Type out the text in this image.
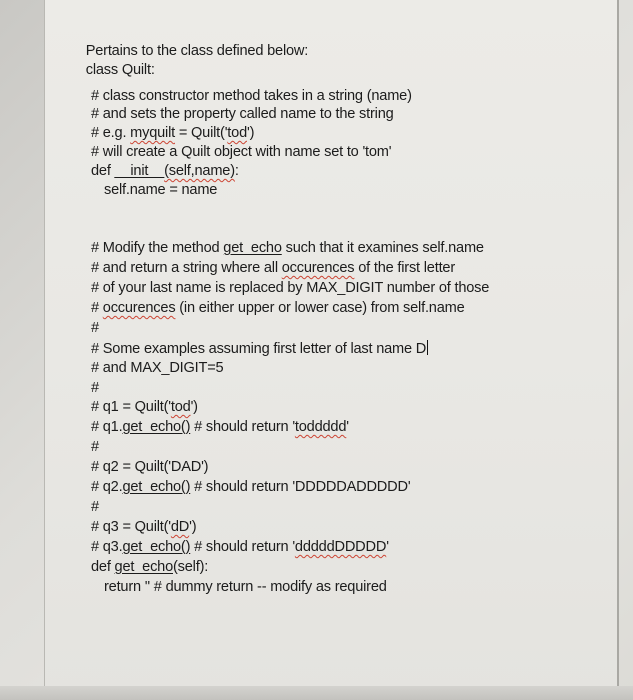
Pertains to the class defined below:

class Quilt:

# class constructor method takes in a string (name)
# and sets the property called name to the string
# e.g. myquilt = Quilt('tod')
# will create a Quilt object with name set to 'tom'
def __init__(self,name):
self.name = name
# Modify the method get_echo such that it examines self.name
# and return a string where all occurences of the first letter
# of your last name is replaced by MAX_DIGIT number of those
# occurences (in either upper or lower case) from self.name
#
# Some examples assuming first letter of last name D
# and MAX_DIGIT=5
#
# q1 = Quilt('tod')
# q1.get_echo() # should return 'toddddd'
#
# q2 = Quilt('DAD')
# q2.get_echo() # should return 'DDDDDADDDDD'
#
# q3 = Quilt('dD')
# q3.get_echo() # should return 'dddddDDDDD'
def get_echo(self):
return '' # dummy return -- modify as required
